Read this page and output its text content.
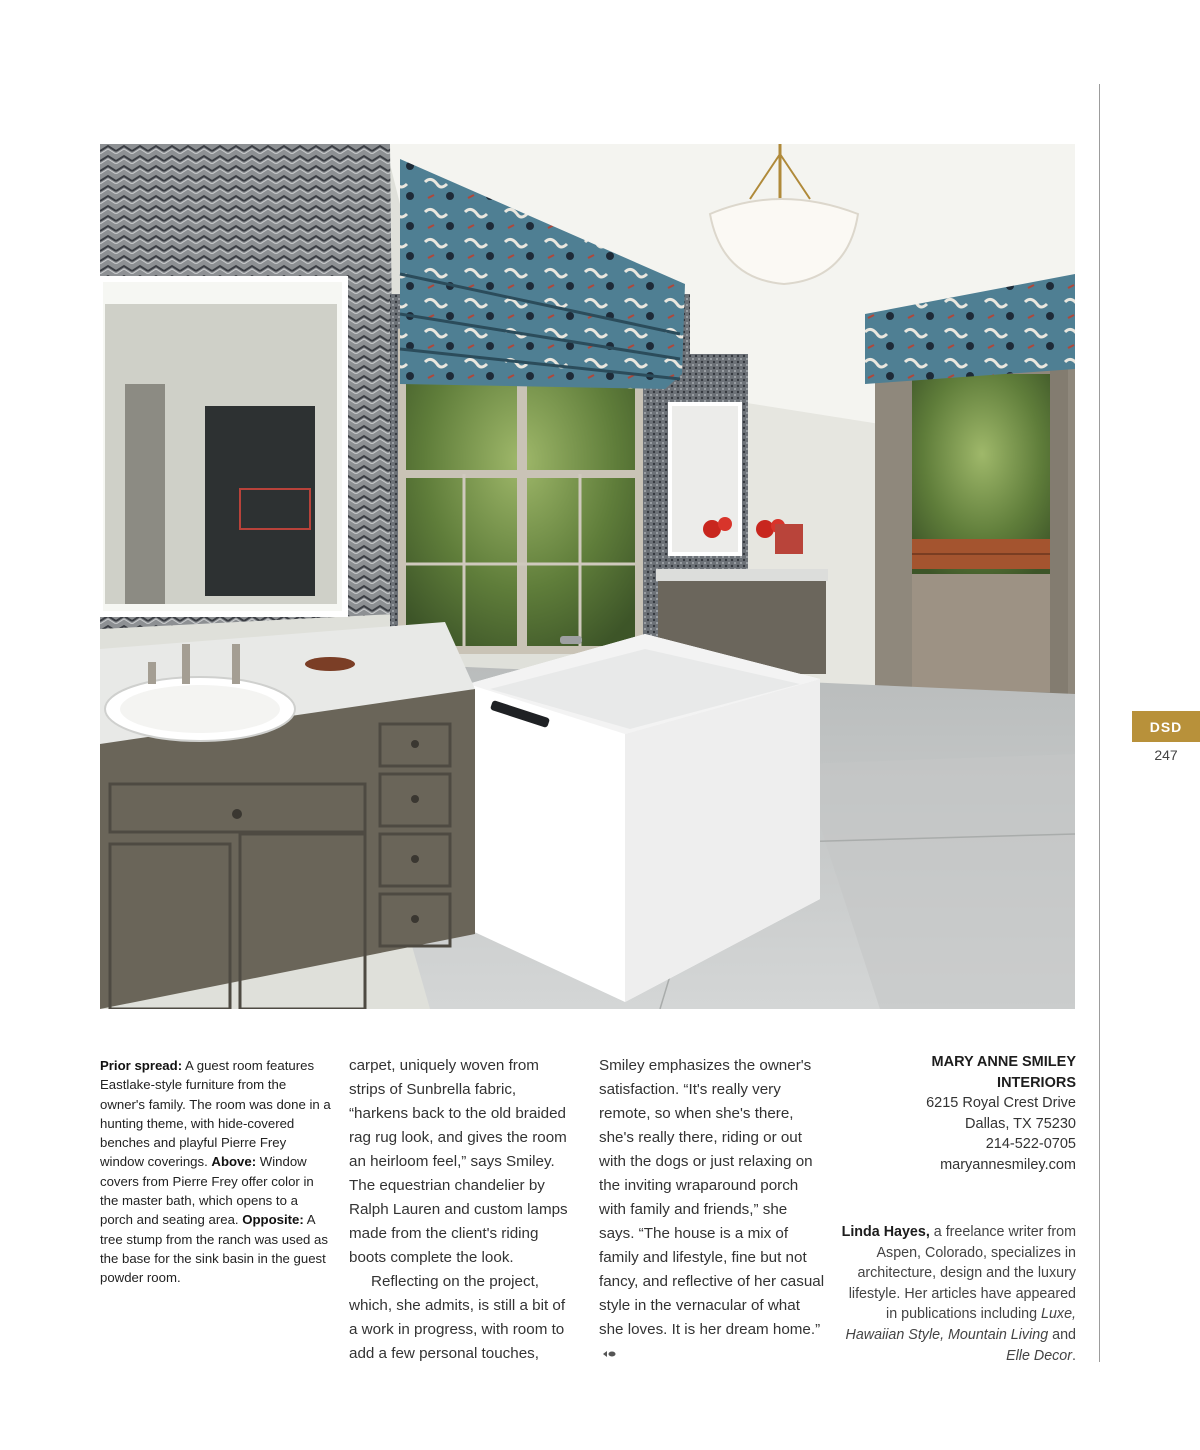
DSD
247
Prior spread: A guest room features Eastlake-style furniture from the owner's family. The room was done in a hunting theme, with hide-covered benches and playful Pierre Frey window coverings. Above: Window covers from Pierre Frey offer color in the master bath, which opens to a porch and seating area. Opposite: A tree stump from the ranch was used as the base for the sink basin in the guest powder room.

carpet, uniquely woven from strips of Sunbrella fabric, “harkens back to the old braided rag rug look, and gives the room an heirloom feel,” says Smiley. The equestrian chandelier by Ralph Lauren and custom lamps made from the client's riding boots complete the look.

Reflecting on the project, which, she admits, is still a bit of a work in progress, with room to add a few personal touches,

Smiley emphasizes the owner's satisfaction. “It's really very remote, so when she's there, she's really there, riding or out with the dogs or just relaxing on the inviting wraparound porch with family and friends,” she says. “The house is a mix of family and lifestyle, fine but not fancy, and reflective of her casual style in the vernacular of what she loves. It is her dream home.”

MARY ANNE SMILEY
INTERIORS
6215 Royal Crest Drive
Dallas, TX 75230
214-522-0705
maryannesmiley.com
Linda Hayes, a freelance writer from Aspen, Colorado, specializes in architecture, design and the luxury lifestyle. Her articles have appeared in publications including Luxe, Hawaiian Style, Mountain Living and Elle Decor.
